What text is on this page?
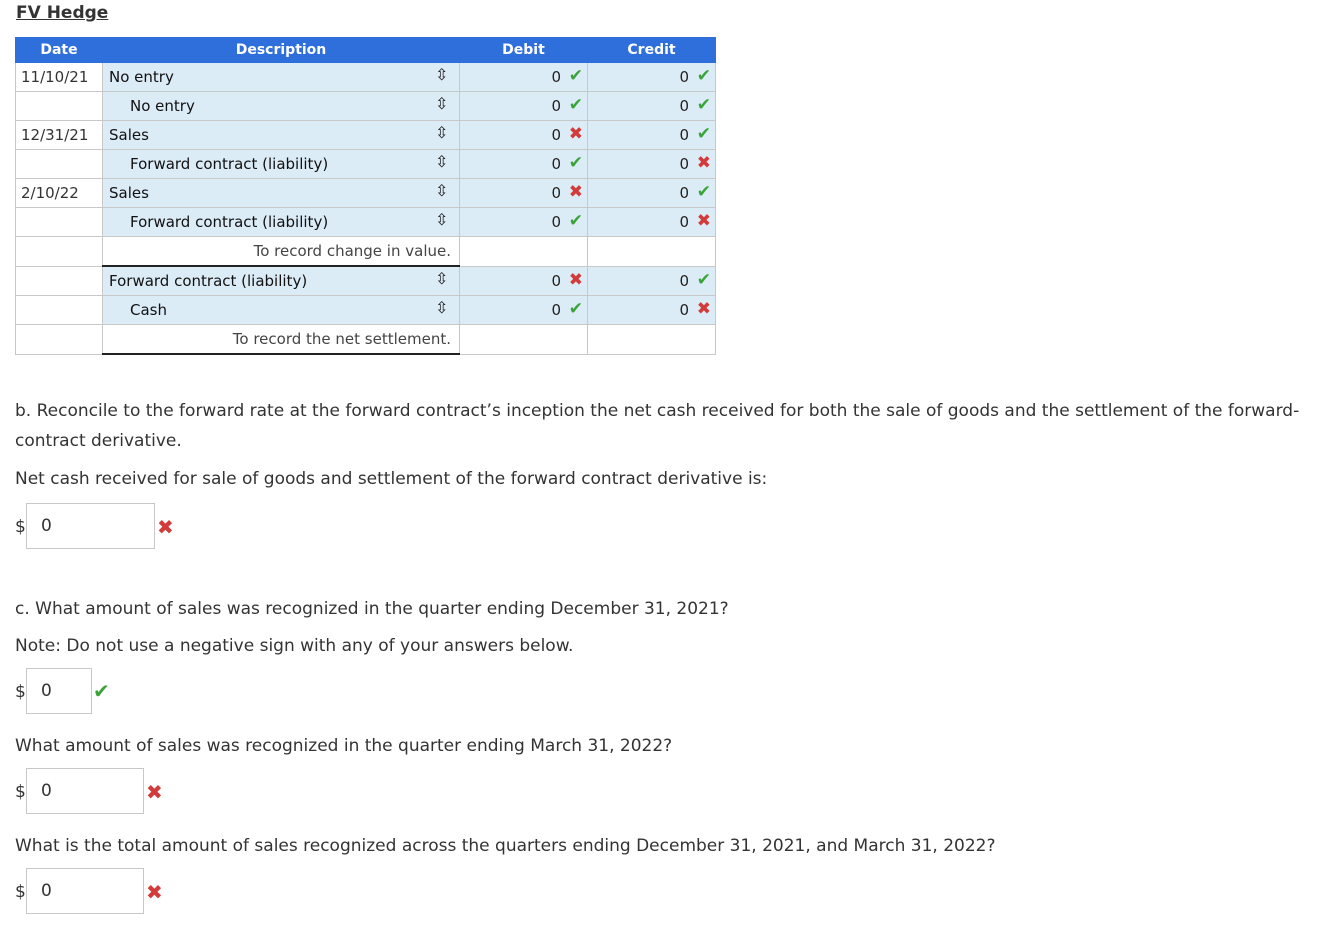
FV Hedge
Date	Description	Debit	Credit
11/10/21	No entry ⇳	0 ✔	0 ✔

	No entry ⇳	0 ✔	0 ✔

12/31/21	Sales ⇳	0 ✖	0 ✔

	Forward contract (liability) ⇳	0 ✔	0 ✖

2/10/22	Sales ⇳	0 ✖	0 ✔

	Forward contract (liability) ⇳	0 ✔	0 ✖

	To record change in value.		

	Forward contract (liability) ⇳	0 ✖	0 ✔

	Cash ⇳	0 ✔	0 ✖

	To record the net settlement.		

b. Reconcile to the forward rate at the forward contract’s inception the net cash received for both the sale of goods and the settlement of the forward-contract derivative.
Net cash received for sale of goods and settlement of the forward contract derivative is:
$ 0	✖
c. What amount of sales was recognized in the quarter ending December 31, 2021?
Note: Do not use a negative sign with any of your answers below.
$ 0	✔
What amount of sales was recognized in the quarter ending March 31, 2022?
$ 0	✖
What is the total amount of sales recognized across the quarters ending December 31, 2021, and March 31, 2022?
$ 0	✖
